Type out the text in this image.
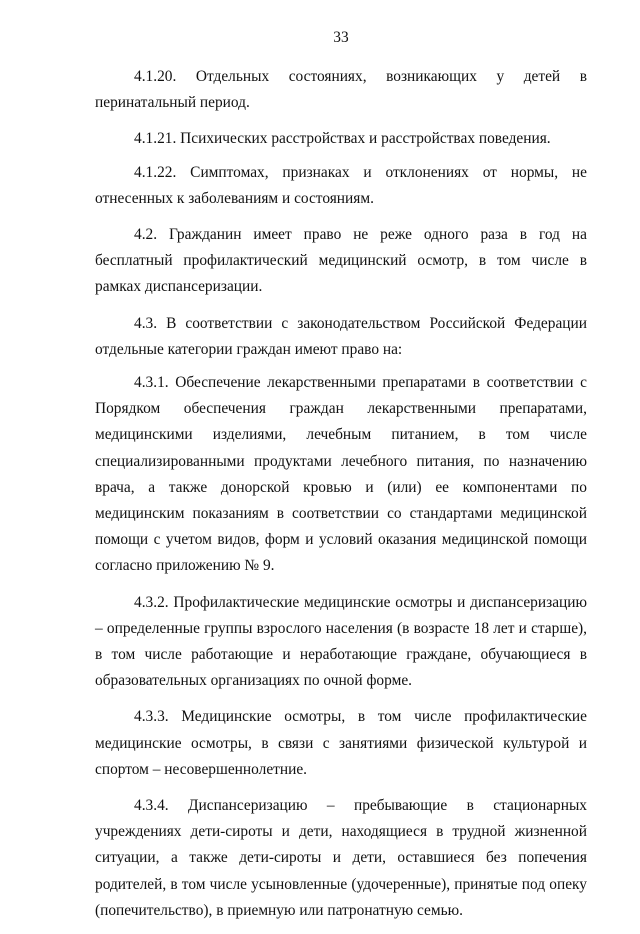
33

4.1.20. Отдельных состояниях, возникающих у детей в перинатальный период.

4.1.21. Психических расстройствах и расстройствах поведения.

4.1.22. Симптомах, признаках и отклонениях от нормы, не отнесенных к заболеваниям и состояниям.

4.2. Гражданин имеет право не реже одного раза в год на бесплатный профилактический медицинский осмотр, в том числе в рамках диспансеризации.

4.3. В соответствии с законодательством Российской Федерации отдельные категории граждан имеют право на:

4.3.1. Обеспечение лекарственными препаратами в соответствии с Порядком обеспечения граждан лекарственными препаратами, медицинскими изделиями, лечебным питанием, в том числе специализированными продуктами лечебного питания, по назначению врача, а также донорской кровью и (или) ее компонентами по медицинским показаниям в соответствии со стандартами медицинской помощи с учетом видов, форм и условий оказания медицинской помощи согласно приложению № 9.

4.3.2. Профилактические медицинские осмотры и диспансеризацию – определенные группы взрослого населения (в возрасте 18 лет и старше), в том числе работающие и неработающие граждане, обучающиеся в образовательных организациях по очной форме.

4.3.3. Медицинские осмотры, в том числе профилактические медицинские осмотры, в связи с занятиями физической культурой и спортом – несовершеннолетние.

4.3.4. Диспансеризацию – пребывающие в стационарных учреждениях дети-сироты и дети, находящиеся в трудной жизненной ситуации, а также дети-сироты и дети, оставшиеся без попечения родителей, в том числе усыновленные (удочеренные), принятые под опеку (попечительство), в приемную или патронатную семью.
